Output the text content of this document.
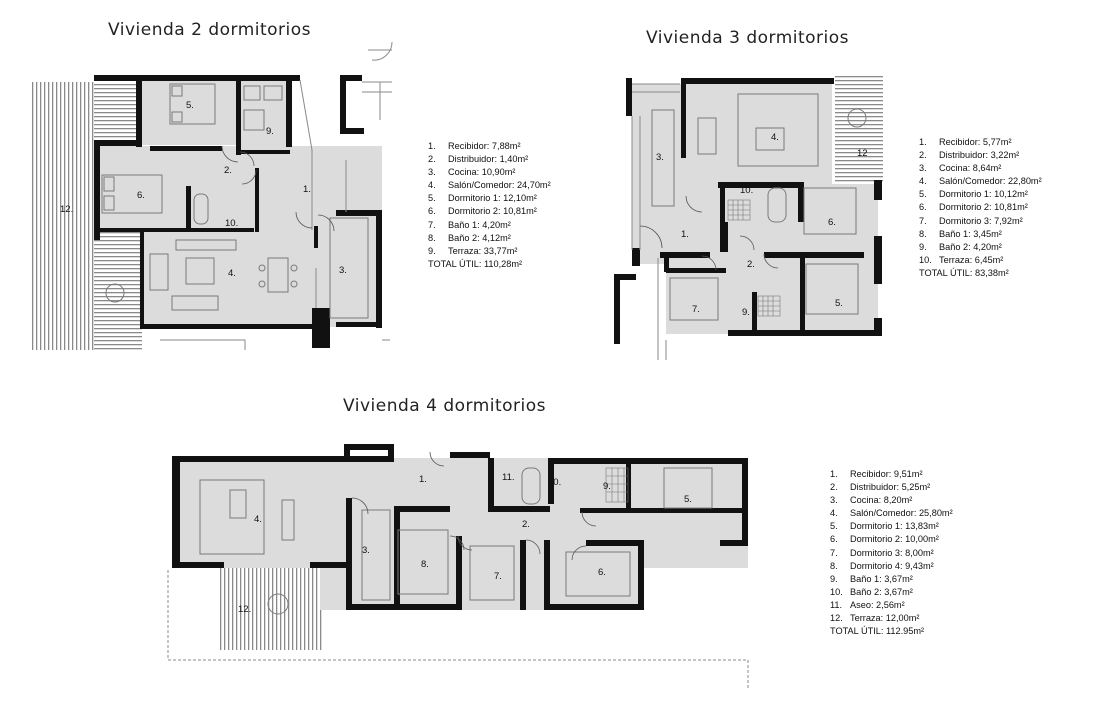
Vivienda 2 dormitorios	Vivienda 3 dormitorios
Vivienda 4 dormitorios
1.	Recibidor: 7,88m²
2.	Distribuidor: 1,40m²
3.	Cocina: 10,90m²
4.	Salón/Comedor: 24,70m²
5.	Dormitorio 1: 12,10m²
6.	Dormitorio 2: 10,81m²
7.	Baño 1: 4,20m²
8.	Baño 2: 4,12m²
9.	Terraza: 33,77m²
TOTAL ÚTIL: 110,28m²
1.	Recibidor: 5,77m²
2.	Distribuidor: 3,22m²
3.	Cocina: 8,64m²
4.	Salón/Comedor: 22,80m²
5.	Dormitorio 1: 10,12m²
6.	Dormitorio 2: 10,81m²
7.	Dormitorio 3: 7,92m²
8.	Baño 1: 3,45m²
9.	Baño 2: 4,20m²
10. Terraza: 6,45m²
TOTAL ÚTIL: 83,38m²
1.	Recibidor: 9,51m²
2.	Distribuidor: 5,25m²
3.	Cocina: 8,20m²
4.	Salón/Comedor: 25,80m²
5.	Dormitorio 1: 13,83m²
6.	Dormitorio 2: 10,00m²
7.	Dormitorio 3: 8,00m²
8.	Dormitorio 4: 9,43m²
9.	Baño 1: 3,67m²
10. Baño 2: 3,67m²
11. Aseo: 2,56m²
12. Terraza: 12,00m²
TOTAL ÚTIL: 112.95m²
1.
2.
3.
4.
5.
6.
9.
10.
12.
1.
2.
3.
4.
5.
6.
7.	9.
10.
12
1.
2.
3.
4.
5.
6.
7.
8.
9.
10.
11.
12.
